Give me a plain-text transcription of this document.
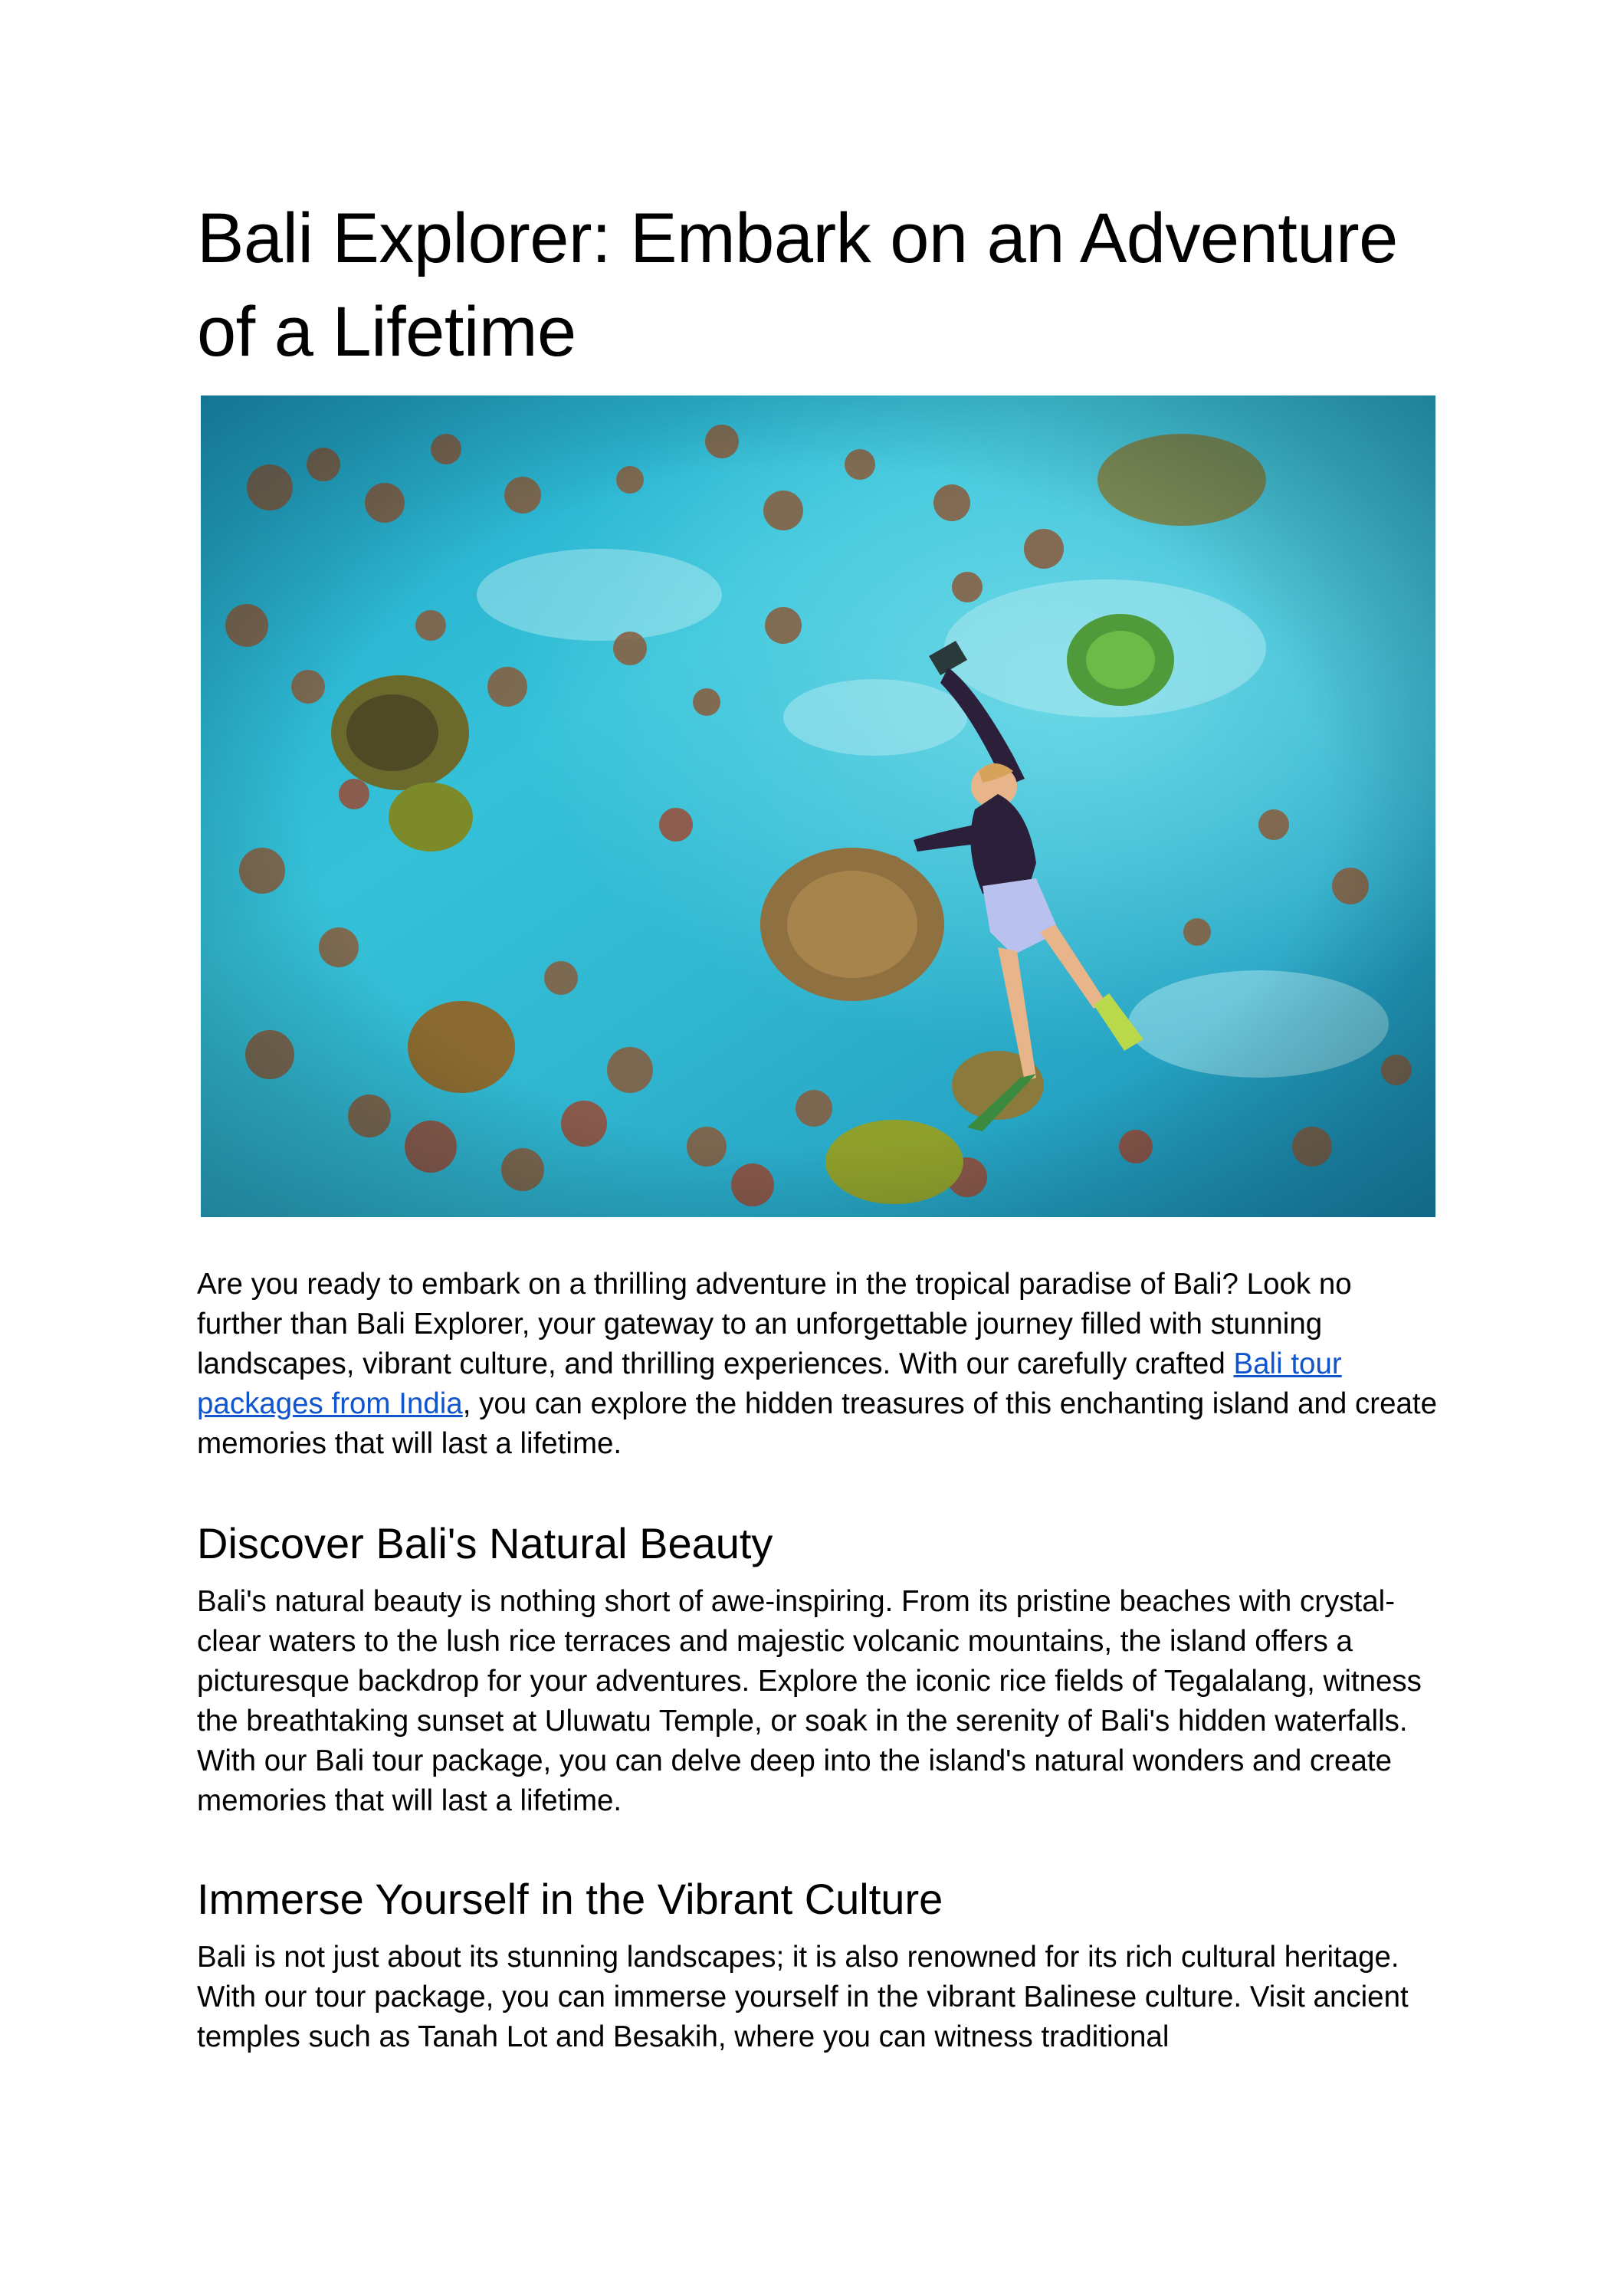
Bali Explorer: Embark on an Adventure of a Lifetime

Are you ready to embark on a thrilling adventure in the tropical paradise of Bali? Look no further than Bali Explorer, your gateway to an unforgettable journey filled with stunning landscapes, vibrant culture, and thrilling experiences. With our carefully crafted Bali tour packages from India, you can explore the hidden treasures of this enchanting island and create memories that will last a lifetime.

Discover Bali's Natural Beauty

Bali's natural beauty is nothing short of awe-inspiring. From its pristine beaches with crystal-clear waters to the lush rice terraces and majestic volcanic mountains, the island offers a picturesque backdrop for your adventures. Explore the iconic rice fields of Tegalalang, witness the breathtaking sunset at Uluwatu Temple, or soak in the serenity of Bali's hidden waterfalls. With our Bali tour package, you can delve deep into the island's natural wonders and create memories that will last a lifetime.

Immerse Yourself in the Vibrant Culture

Bali is not just about its stunning landscapes; it is also renowned for its rich cultural heritage. With our tour package, you can immerse yourself in the vibrant Balinese culture. Visit ancient temples such as Tanah Lot and Besakih, where you can witness traditional
